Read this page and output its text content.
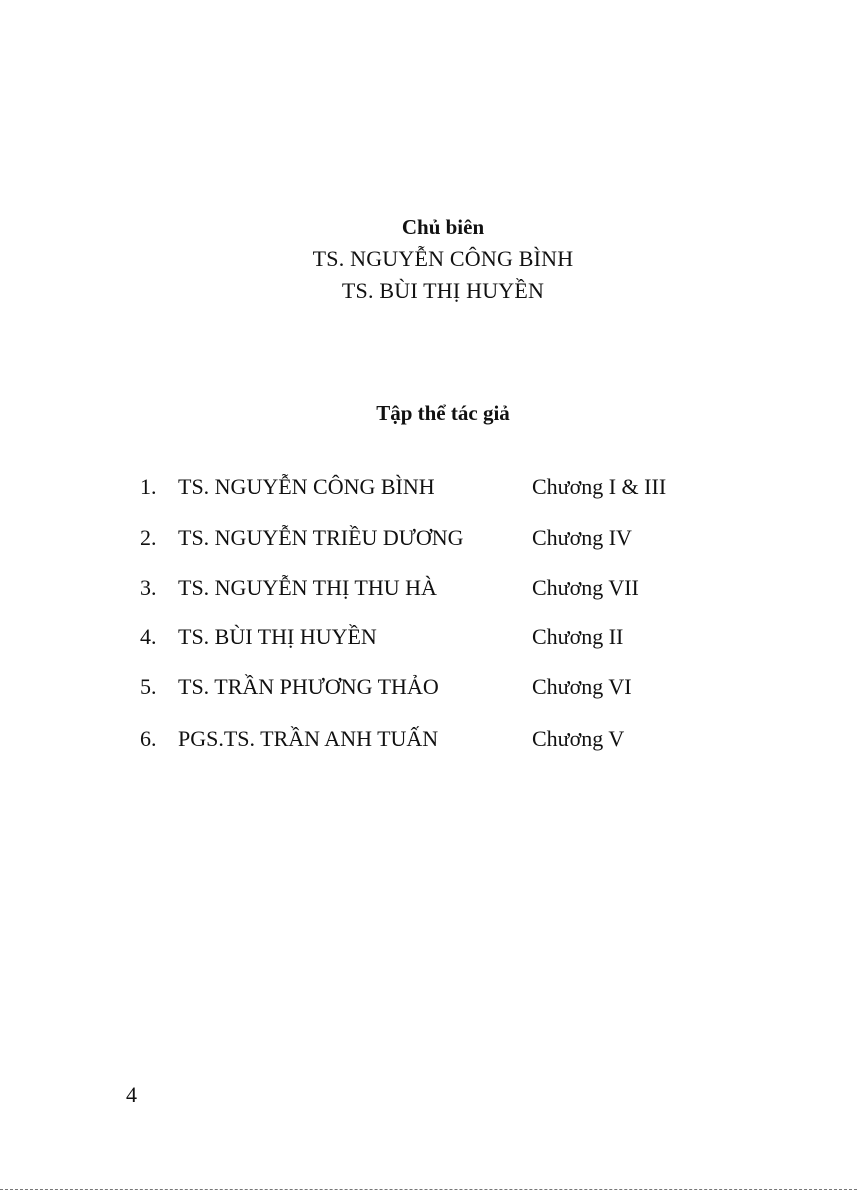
Chủ biên
TS. NGUYỄN CÔNG BÌNH
TS. BÙI THỊ HUYỀN
Tập thể tác giả
1. TS. NGUYỄN CÔNG BÌNH	Chương I & III
2. TS. NGUYỄN TRIỀU DƯƠNG	Chương IV
3. TS. NGUYỄN THỊ THU HÀ	Chương VII
4. TS. BÙI THỊ HUYỀN	Chương II
5. TS. TRẦN PHƯƠNG THẢO	Chương VI
6. PGS.TS. TRẦN ANH TUẤN	Chương V
4
